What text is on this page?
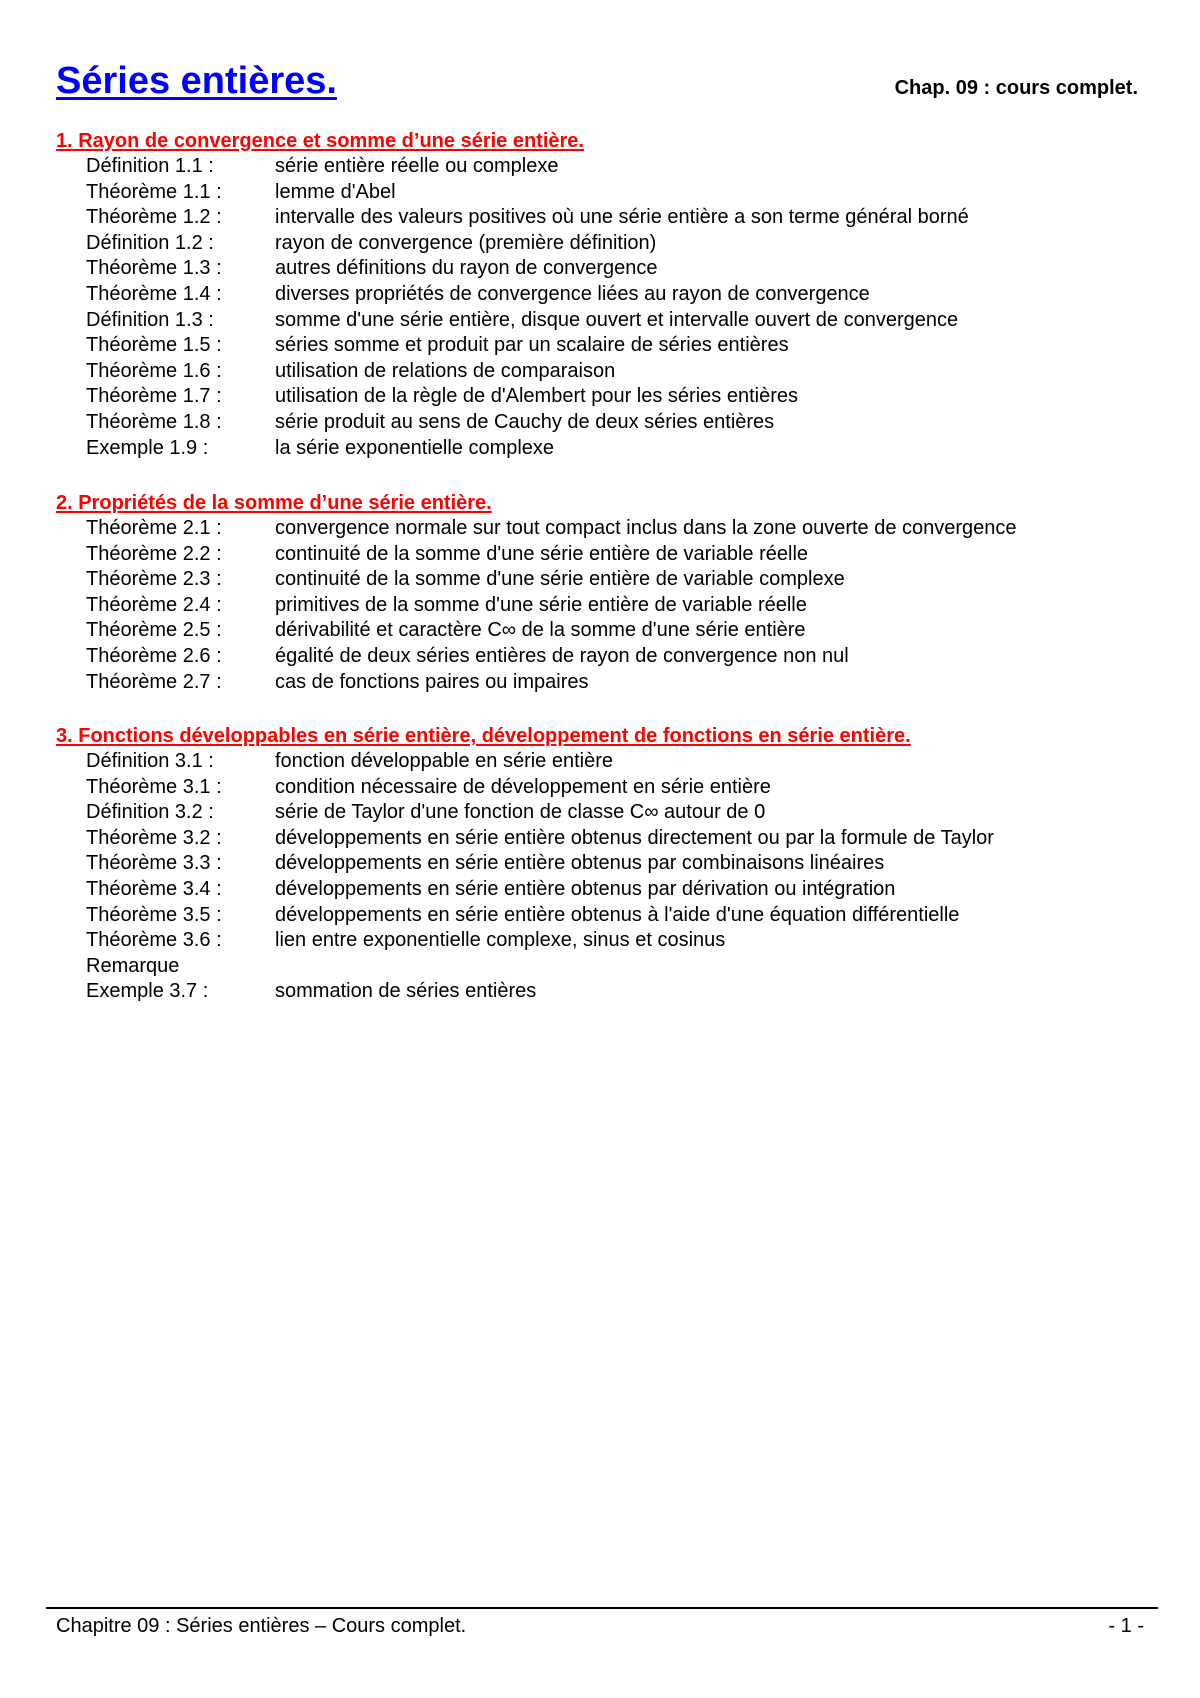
Séries entières.	Chap. 09 : cours complet.
1. Rayon de convergence et somme d’une série entière.
Définition 1.1 :	série entière réelle ou complexe
Théorème 1.1 :	lemme d'Abel
Théorème 1.2 :	intervalle des valeurs positives où une série entière a son terme général borné
Définition 1.2 :	rayon de convergence (première définition)
Théorème 1.3 :	autres définitions du rayon de convergence
Théorème 1.4 :	diverses propriétés de convergence liées au rayon de convergence
Définition 1.3 :	somme d'une série entière, disque ouvert et intervalle ouvert de convergence
Théorème 1.5 :	séries somme et produit par un scalaire de séries entières
Théorème 1.6 :	utilisation de relations de comparaison
Théorème 1.7 :	utilisation de la règle de d'Alembert pour les séries entières
Théorème 1.8 :	série produit au sens de Cauchy de deux séries entières
Exemple 1.9 :	la série exponentielle complexe
2. Propriétés de la somme d’une série entière.
Théorème 2.1 :	convergence normale sur tout compact inclus dans la zone ouverte de convergence
Théorème 2.2 :	continuité de la somme d'une série entière de variable réelle
Théorème 2.3 :	continuité de la somme d'une série entière de variable complexe
Théorème 2.4 :	primitives de la somme d'une série entière de variable réelle
Théorème 2.5 :	dérivabilité et caractère C∞ de la somme d'une série entière
Théorème 2.6 :	égalité de deux séries entières de rayon de convergence non nul
Théorème 2.7 :	cas de fonctions paires ou impaires
3. Fonctions développables en série entière, développement de fonctions en série entière.
Définition 3.1 :	fonction développable en série entière
Théorème 3.1 :	condition nécessaire de développement en série entière
Définition 3.2 :	série de Taylor d'une fonction de classe C∞ autour de 0
Théorème 3.2 :	développements en série entière obtenus directement ou par la formule de Taylor
Théorème 3.3 :	développements en série entière obtenus par combinaisons linéaires
Théorème 3.4 :	développements en série entière obtenus par dérivation ou intégration
Théorème 3.5 :	développements en série entière obtenus à l'aide d'une équation différentielle
Théorème 3.6 :	lien entre exponentielle complexe, sinus et cosinus
Remarque
Exemple 3.7 :	sommation de séries entières
Chapitre 09 : Séries entières – Cours complet.	- 1 -
